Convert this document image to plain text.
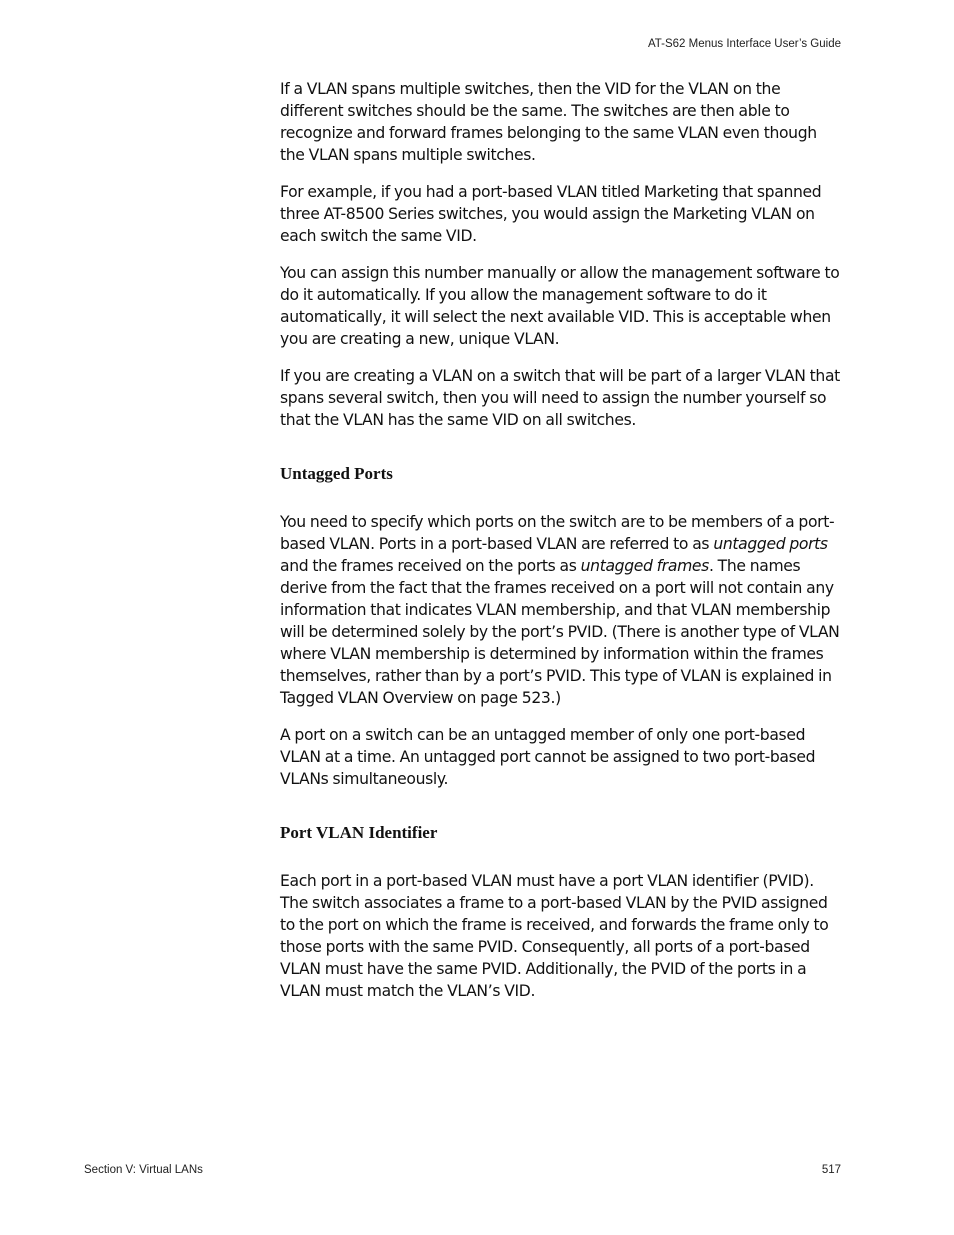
AT-S62 Menus Interface User’s Guide

If a VLAN spans multiple switches, then the VID for the VLAN on the different switches should be the same. The switches are then able to recognize and forward frames belonging to the same VLAN even though the VLAN spans multiple switches.

For example, if you had a port-based VLAN titled Marketing that spanned three AT-8500 Series switches, you would assign the Marketing VLAN on each switch the same VID.

You can assign this number manually or allow the management software to do it automatically. If you allow the management software to do it automatically, it will select the next available VID. This is acceptable when you are creating a new, unique VLAN.

If you are creating a VLAN on a switch that will be part of a larger VLAN that spans several switch, then you will need to assign the number yourself so that the VLAN has the same VID on all switches.

Untagged Ports

You need to specify which ports on the switch are to be members of a port-based VLAN. Ports in a port-based VLAN are referred to as untagged ports and the frames received on the ports as untagged frames. The names derive from the fact that the frames received on a port will not contain any information that indicates VLAN membership, and that VLAN membership will be determined solely by the port’s PVID. (There is another type of VLAN where VLAN membership is determined by information within the frames themselves, rather than by a port’s PVID. This type of VLAN is explained in Tagged VLAN Overview on page 523.)

A port on a switch can be an untagged member of only one port-based VLAN at a time. An untagged port cannot be assigned to two port-based VLANs simultaneously.

Port VLAN Identifier

Each port in a port-based VLAN must have a port VLAN identifier (PVID). The switch associates a frame to a port-based VLAN by the PVID assigned to the port on which the frame is received, and forwards the frame only to those ports with the same PVID. Consequently, all ports of a port-based VLAN must have the same PVID. Additionally, the PVID of the ports in a VLAN must match the VLAN’s VID.

Section V: Virtual LANs	517
